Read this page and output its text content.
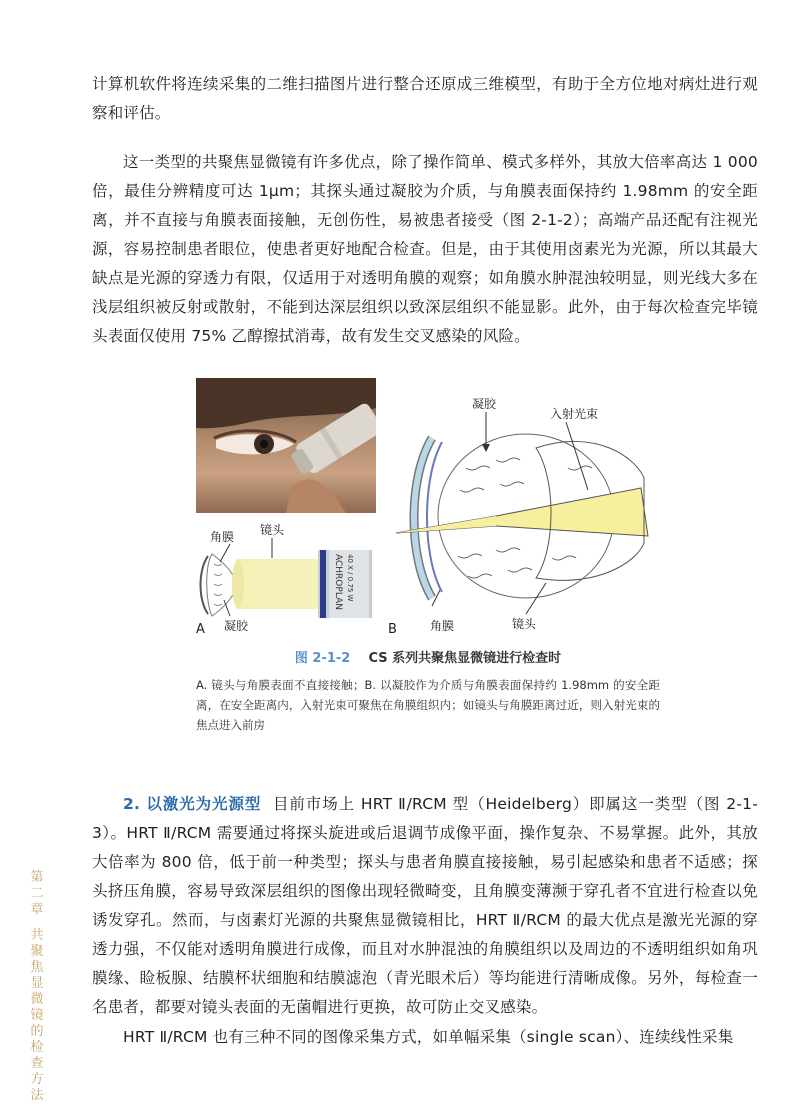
计算机软件将连续采集的二维扫描图片进行整合还原成三维模型，有助于全方位地对病灶进行观察和评估。

这一类型的共聚焦显微镜有许多优点，除了操作简单、模式多样外，其放大倍率高达 1 000 倍，最佳分辨精度可达 1μm；其探头通过凝胶为介质，与角膜表面保持约 1.98mm 的安全距离，并不直接与角膜表面接触，无创伤性，易被患者接受（图 2-1-2）；高端产品还配有注视光源，容易控制患者眼位，使患者更好地配合检查。但是，由于其使用卤素光为光源，所以其最大缺点是光源的穿透力有限，仅适用于对透明角膜的观察；如角膜水肿混浊较明显，则光线大多在浅层组织被反射或散射，不能到达深层组织以致深层组织不能显影。此外，由于每次检查完毕镜头表面仅使用 75% 乙醇擦拭消毒，故有发生交叉感染的风险。

ACHROPLAN 40 X / 0.75 W
角膜 镜头
凝胶
A
凝胶
入射光束
角膜	镜头
B
图 2-1-2 CS 系列共聚焦显微镜进行检查时
A. 镜头与角膜表面不直接接触；B. 以凝胶作为介质与角膜表面保持约 1.98mm 的安全距离，在安全距离内，入射光束可聚焦在角膜组织内；如镜头与角膜距离过近，则入射光束的焦点进入前房

2. 以激光为光源型 目前市场上 HRT Ⅱ/RCM 型（Heidelberg）即属这一类型（图 2-1-3）。HRT Ⅱ/RCM 需要通过将探头旋进或后退调节成像平面，操作复杂、不易掌握。此外，其放大倍率为 800 倍，低于前一种类型；探头与患者角膜直接接触，易引起感染和患者不适感；探头挤压角膜，容易导致深层组织的图像出现轻微畸变，且角膜变薄濒于穿孔者不宜进行检查以免诱发穿孔。然而，与卤素灯光源的共聚焦显微镜相比，HRT Ⅱ/RCM 的最大优点是激光光源的穿透力强，不仅能对透明角膜进行成像，而且对水肿混浊的角膜组织以及周边的不透明组织如角巩膜缘、睑板腺、结膜杯状细胞和结膜滤泡（青光眼术后）等均能进行清晰成像。另外，每检查一名患者，都要对镜头表面的无菌帽进行更换，故可防止交叉感染。

HRT Ⅱ/RCM 也有三种不同的图像采集方式，如单幅采集（single scan）、连续线性采集

第
二
章
共
聚
焦
显
微
镜
的
检
查
方
法
